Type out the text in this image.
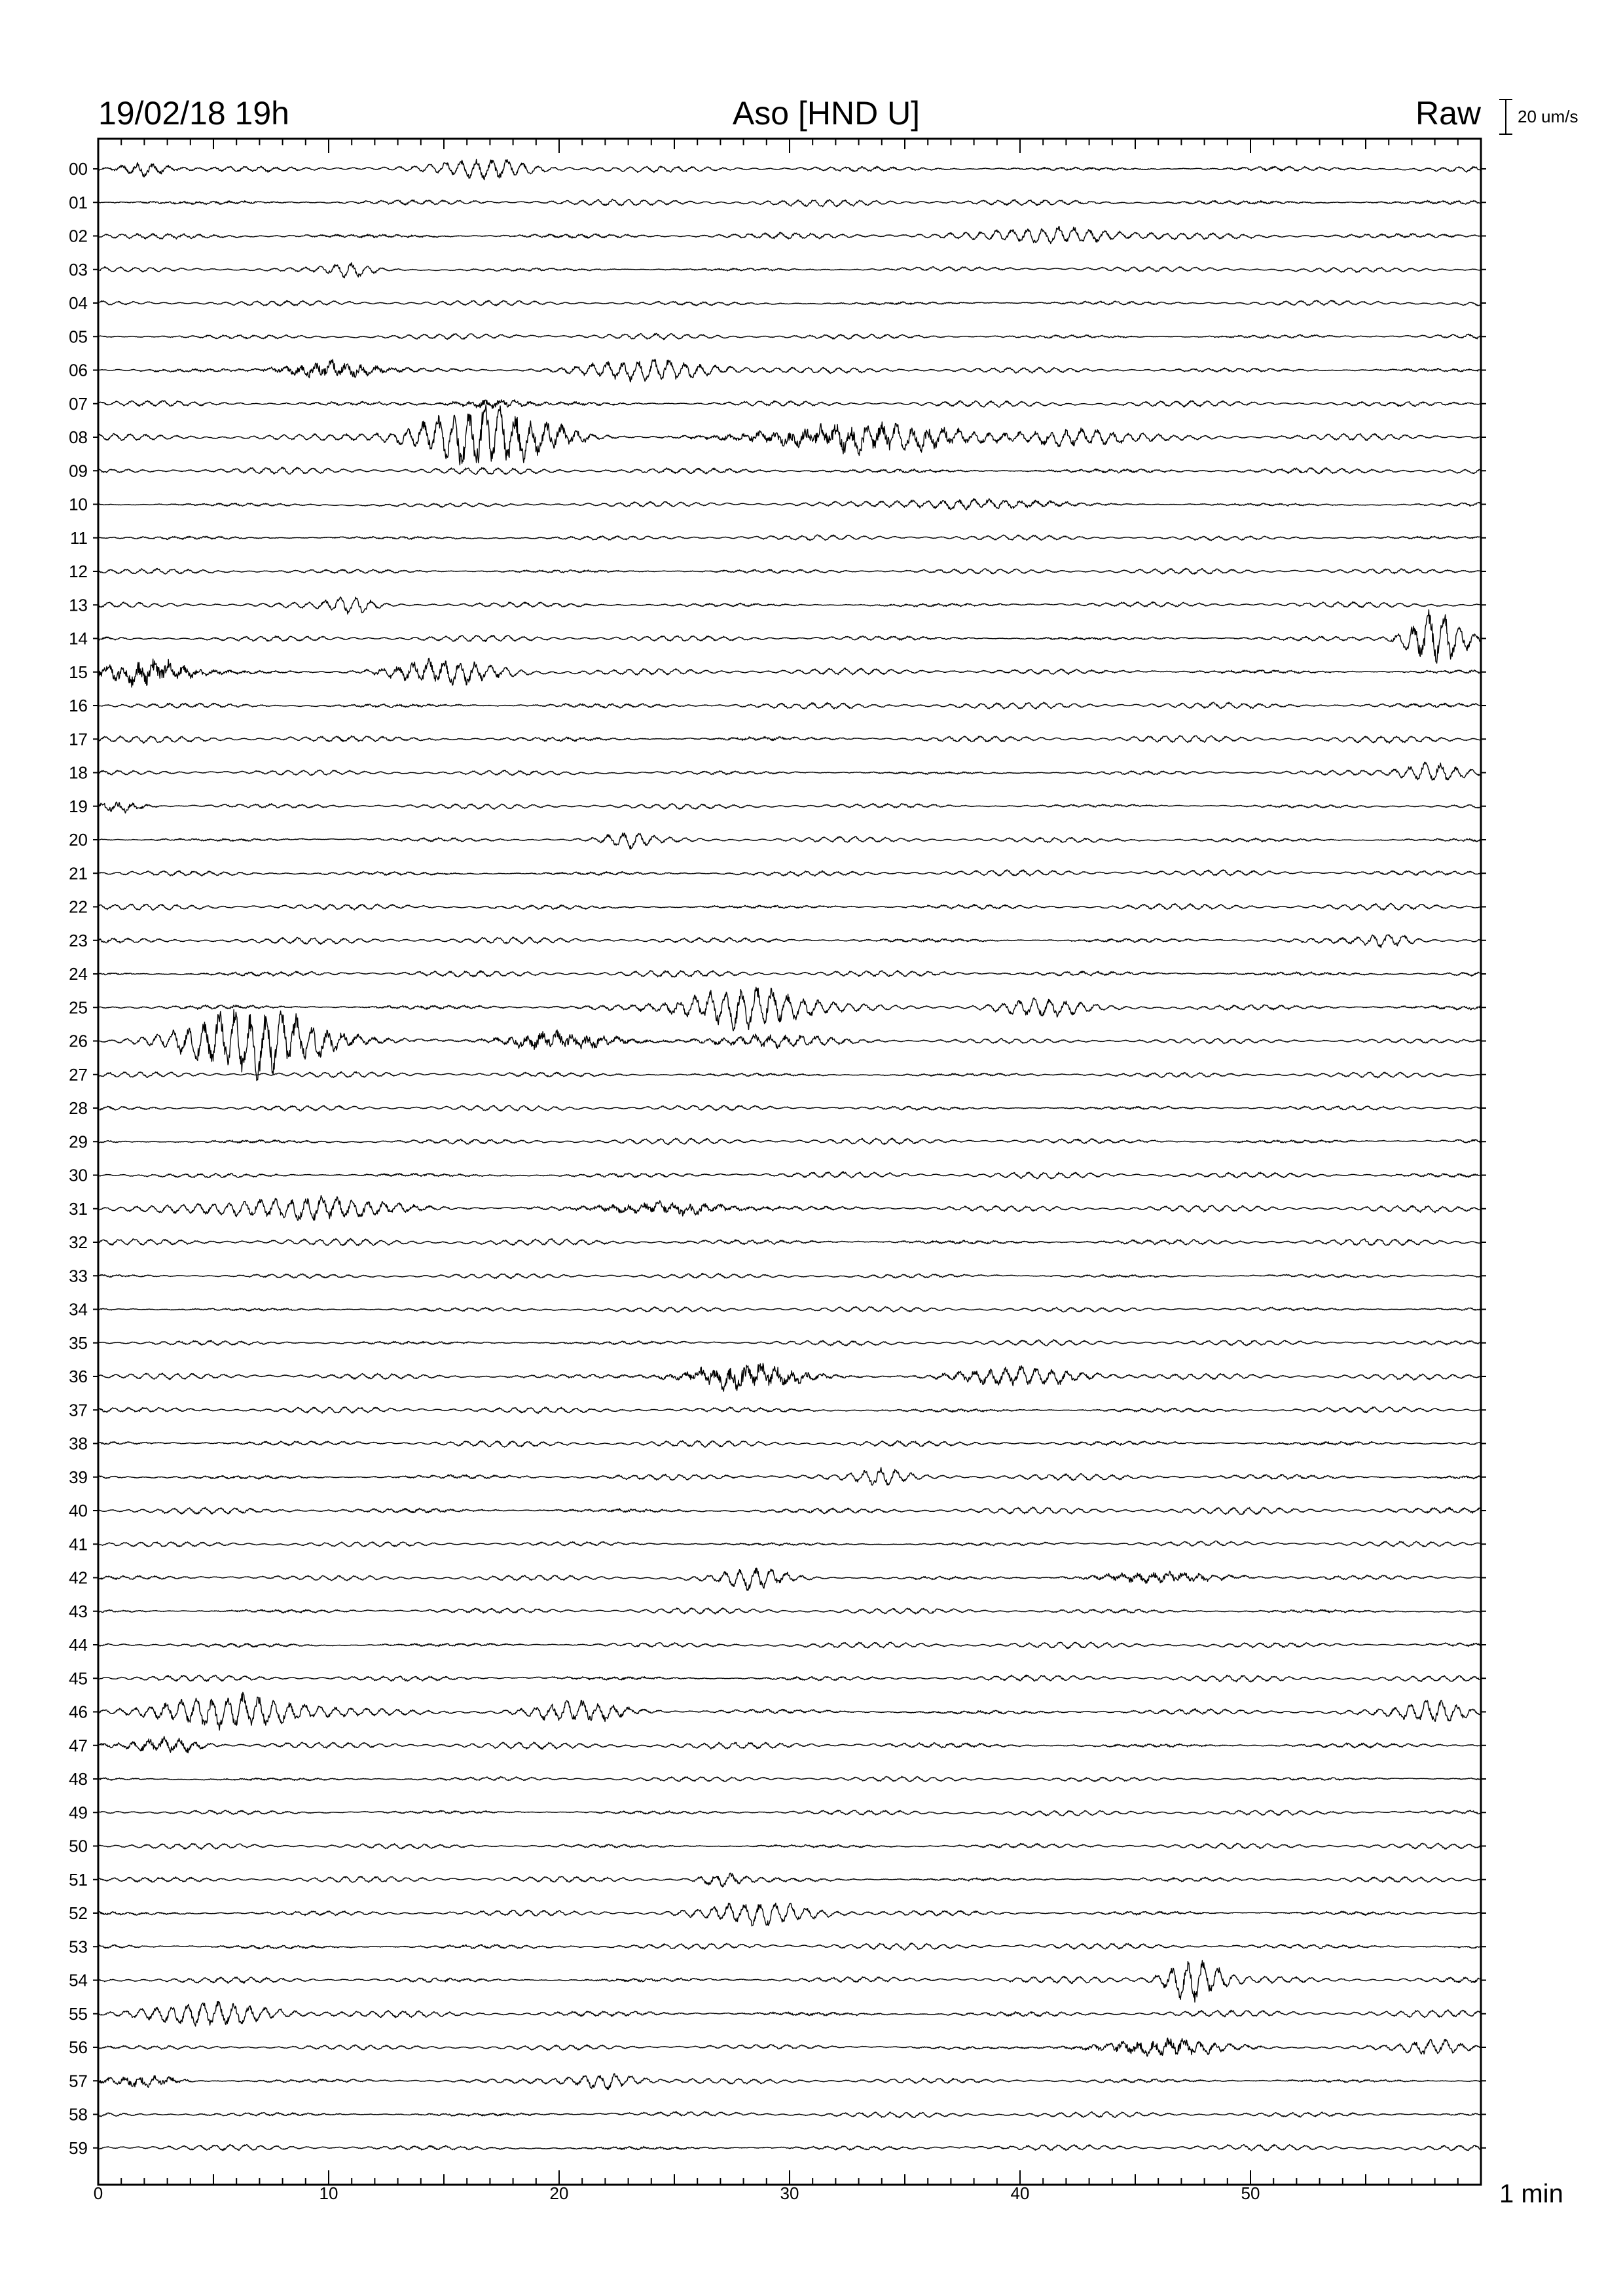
19/02/18 19h	Aso [HND U]	Raw 20 um/s
00
01
02
03
04
05
06
07
08
09
10
11
12
13
14
15
16
17
18
19
20
21
22
23
24
25
26
27
28
29
30
31
32
33
34
35
36
37
38
39
40
41
42
43
44
45
46
47
48
49
50
51
52
53
54
55
56
57
58
59
0	10	20	30	40	50	1 min
